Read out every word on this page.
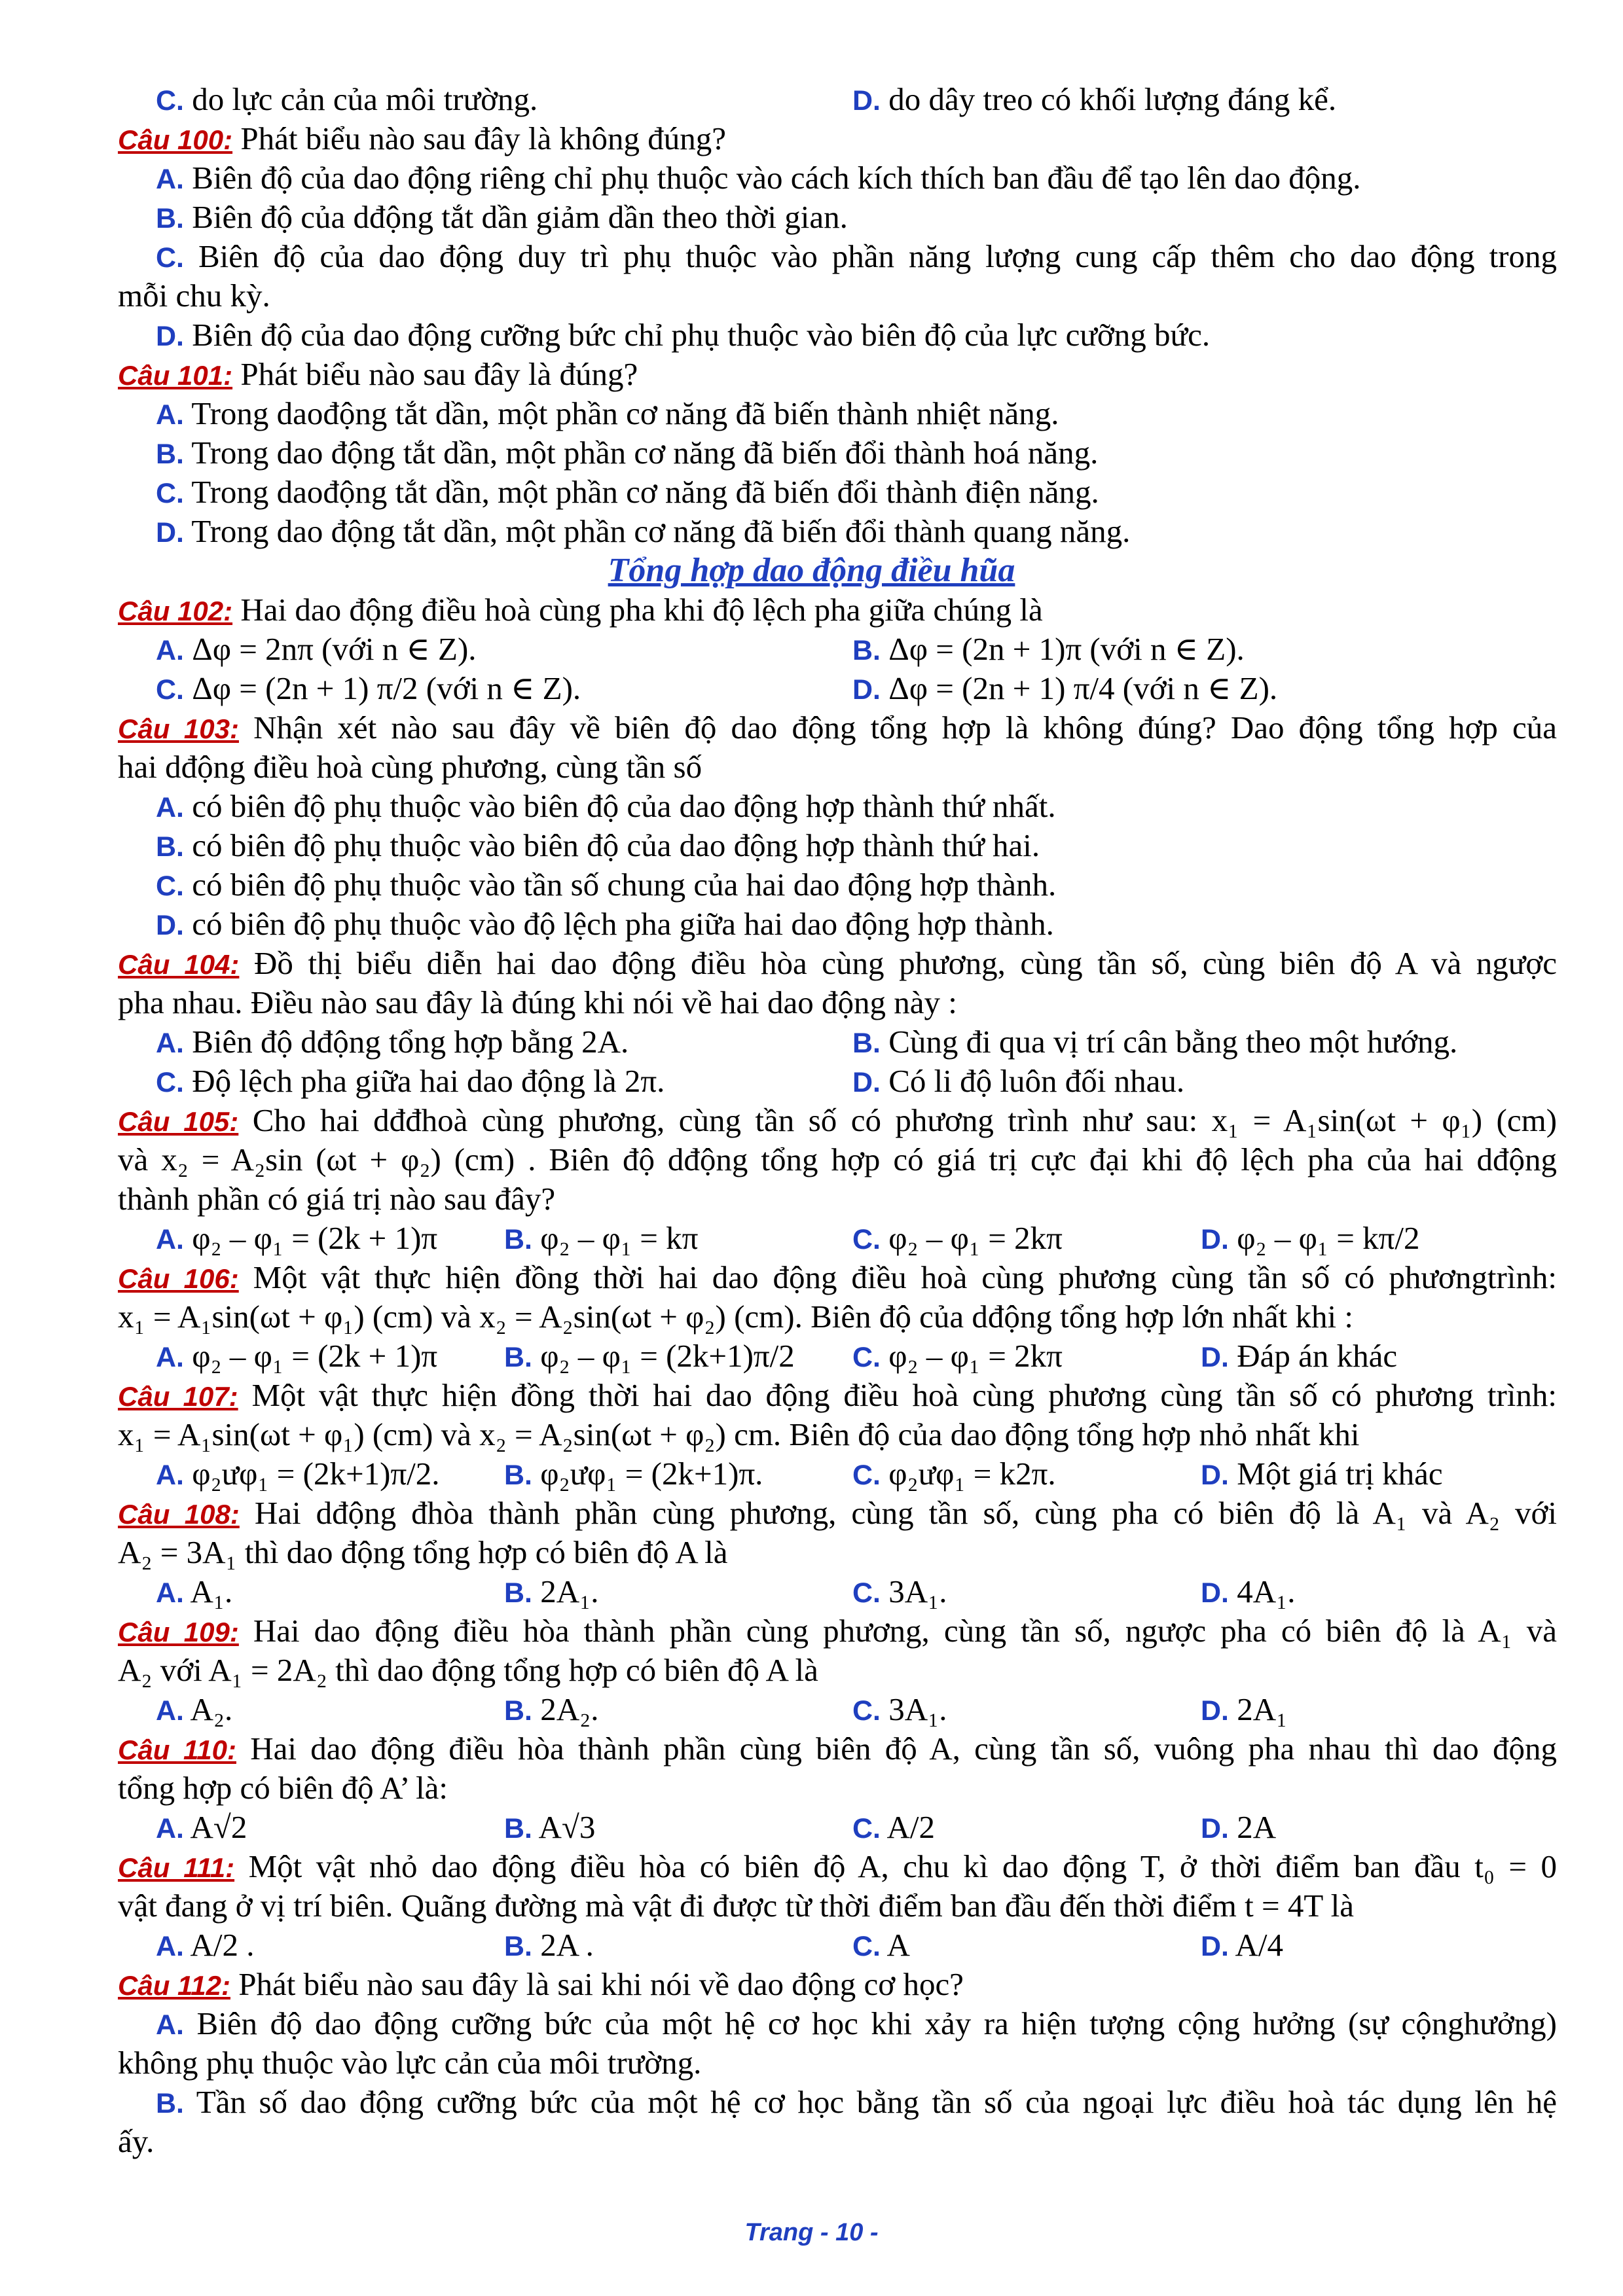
C. do lực cản của môi trường.	D. do dây treo có khối lượng đáng kể.
Câu 100: Phát biểu nào sau đây là không đúng?
A. Biên độ của dao động riêng chỉ phụ thuộc vào cách kích thích ban đầu để tạo lên dao động.
B. Biên độ của dđộng tắt dần giảm dần theo thời gian.
C. Biên độ của dao động duy trì phụ thuộc vào phần năng lượng cung cấp thêm cho dao động trong
mỗi chu kỳ.
D. Biên độ của dao động cưỡng bức chỉ phụ thuộc vào biên độ của lực cưỡng bức.
Câu 101: Phát biểu nào sau đây là đúng?
A. Trong daođộng tắt dần, một phần cơ năng đã biến thành nhiệt năng.
B. Trong dao động tắt dần, một phần cơ năng đã biến đổi thành hoá năng.
C. Trong daođộng tắt dần, một phần cơ năng đã biến đổi thành điện năng.
D. Trong dao động tắt dần, một phần cơ năng đã biến đổi thành quang năng.
Tổng hợp dao động điều hũa
Câu 102: Hai dao động điều hoà cùng pha khi độ lệch pha giữa chúng là
A. Δφ = 2nπ (với n ∈ Z).	B. Δφ = (2n + 1)π (với n ∈ Z).
C. Δφ = (2n + 1) π/2 (với n ∈ Z).	D. Δφ = (2n + 1) π/4 (với n ∈ Z).
Câu 103: Nhận xét nào sau đây về biên độ dao động tổng hợp là không đúng? Dao động tổng hợp của
hai dđộng điều hoà cùng phương, cùng tần số
A. có biên độ phụ thuộc vào biên độ của dao động hợp thành thứ nhất.
B. có biên độ phụ thuộc vào biên độ của dao động hợp thành thứ hai.
C. có biên độ phụ thuộc vào tần số chung của hai dao động hợp thành.
D. có biên độ phụ thuộc vào độ lệch pha giữa hai dao động hợp thành.
Câu 104: Đồ thị biểu diễn hai dao động điều hòa cùng phương, cùng tần số, cùng biên độ A và ngược
pha nhau. Điều nào sau đây là đúng khi nói về hai dao động này :
A. Biên độ dđộng tổng hợp bằng 2A.	B. Cùng đi qua vị trí cân bằng theo một hướng.
C. Độ lệch pha giữa hai dao động là 2π.	D. Có li độ luôn đối nhau.
Câu 105: Cho hai dđđhoà cùng phương, cùng tần số có phương trình như sau: x₁ = A₁sin(ωt + φ₁) (cm)
và x₂ = A₂sin (ωt + φ₂) (cm) . Biên độ dđộng tổng hợp có giá trị cực đại khi độ lệch pha của hai dđộng
thành phần có giá trị nào sau đây?
A. φ₂ – φ₁ = (2k + 1)π B. φ₂ – φ₁ = kπ	C. φ₂ – φ₁ = 2kπ	D. φ₂ – φ₁ = kπ/2
Câu 106: Một vật thực hiện đồng thời hai dao động điều hoà cùng phương cùng tần số có phươngtrình:
x₁ = A₁sin(ωt + φ₁) (cm) và x₂ = A₂sin(ωt + φ₂) (cm). Biên độ của dđộng tổng hợp lớn nhất khi :
A. φ₂ – φ₁ = (2k + 1)π B. φ₂ – φ₁ = (2k+1)π/2 C. φ₂ – φ₁ = 2kπ	D. Đáp án khác
Câu 107: Một vật thực hiện đồng thời hai dao động điều hoà cùng phương cùng tần số có phương trình:
x₁ = A₁sin(ωt + φ₁) (cm) và x₂ = A₂sin(ωt + φ₂) cm. Biên độ của dao động tổng hợp nhỏ nhất khi
A. φ₂ưφ₁ = (2k+1)π/2. B. φ₂ưφ₁ = (2k+1)π.	C. φ₂ưφ₁ = k2π.	D. Một giá trị khác
Câu 108: Hai dđộng đhòa thành phần cùng phương, cùng tần số, cùng pha có biên độ là A₁ và A₂ với
A₂ = 3A₁ thì dao động tổng hợp có biên độ A là
A. A₁.	B. 2A₁.	C. 3A₁.	D. 4A₁.
Câu 109: Hai dao động điều hòa thành phần cùng phương, cùng tần số, ngược pha có biên độ là A₁ và
A₂ với A₁ = 2A₂ thì dao động tổng hợp có biên độ A là
A. A₂.	B. 2A₂.	C. 3A₁.	D. 2A₁
Câu 110: Hai dao động điều hòa thành phần cùng biên độ A, cùng tần số, vuông pha nhau thì dao động
tổng hợp có biên độ A’ là:
A. A√2	B. A√3	C. A/2	D. 2A
Câu 111: Một vật nhỏ dao động điều hòa có biên độ A, chu kì dao động T, ở thời điểm ban đầu t₀ = 0
vật đang ở vị trí biên. Quãng đường mà vật đi được từ thời điểm ban đầu đến thời điểm t = 4T là
A. A/2 .	B. 2A .	C. A	D. A/4
Câu 112: Phát biểu nào sau đây là sai khi nói về dao động cơ học?
A. Biên độ dao động cưỡng bức của một hệ cơ học khi xảy ra hiện tượng cộng hưởng (sự cộnghưởng)
không phụ thuộc vào lực cản của môi trường.
B. Tần số dao động cưỡng bức của một hệ cơ học bằng tần số của ngoại lực điều hoà tác dụng lên hệ
ấy.
Trang - 10 -
